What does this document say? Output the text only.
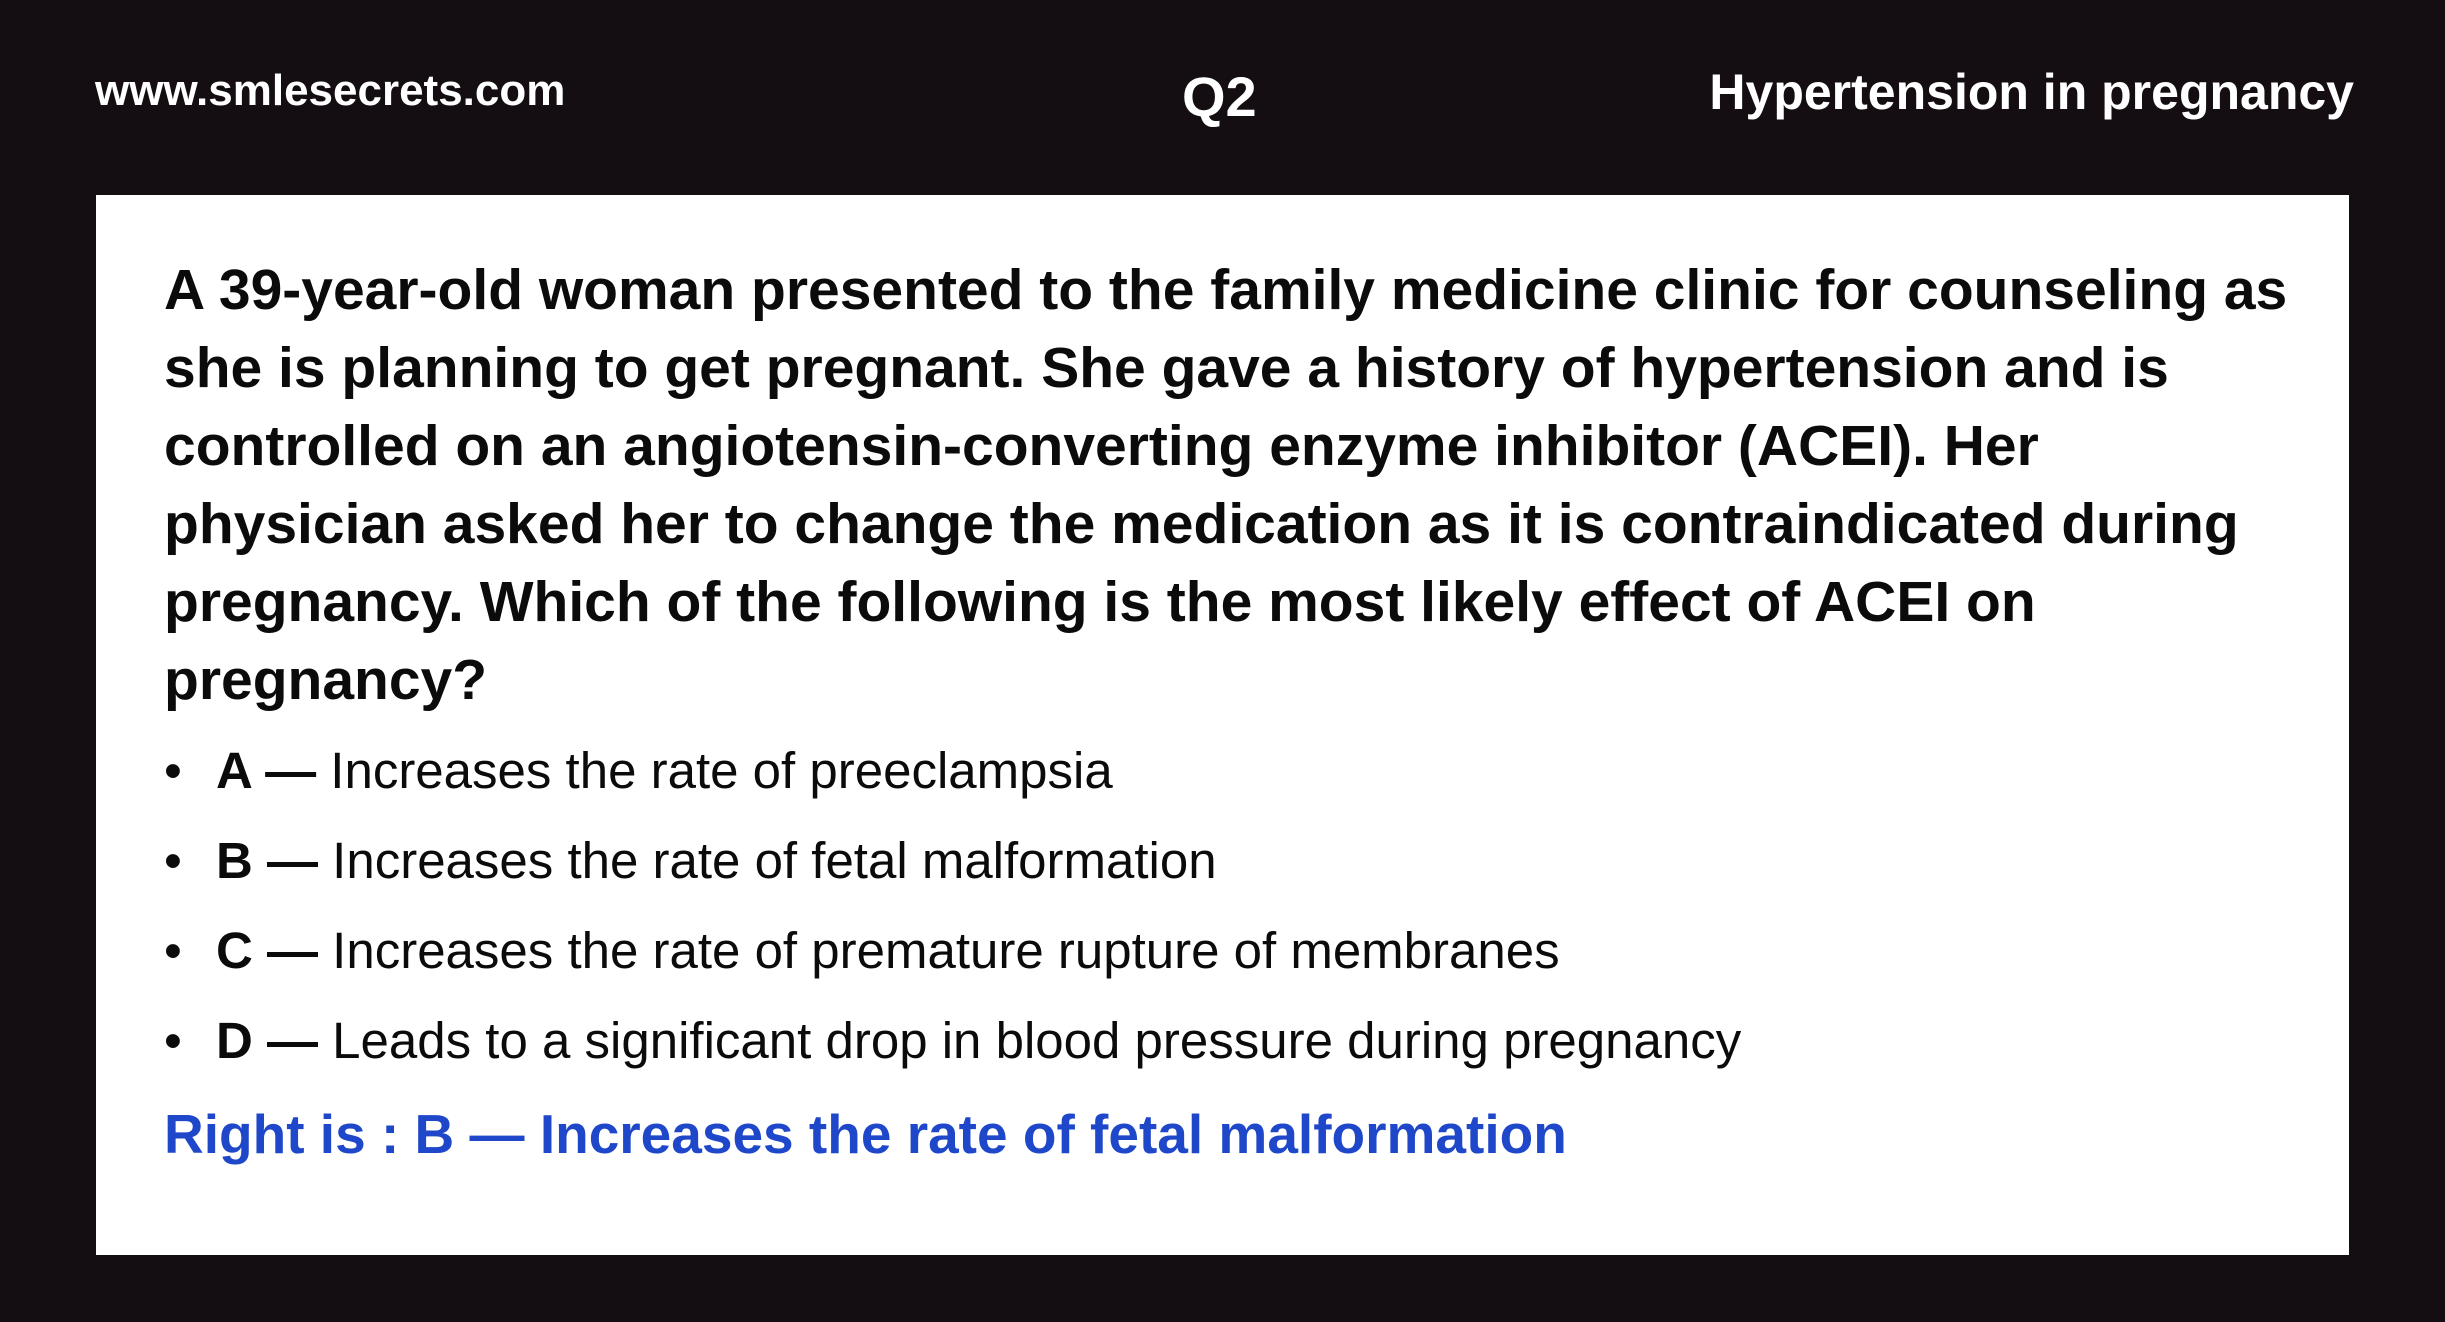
www.smlesecrets.com	Q2	Hypertension in pregnancy

A 39-year-old woman presented to the family medicine clinic for counseling as she is planning to get pregnant. She gave a history of hypertension and is controlled on an angiotensin-converting enzyme inhibitor (ACEI). Her physician asked her to change the medication as it is contraindicated during pregnancy. Which of the following is the most likely effect of ACEI on pregnancy?

• A — Increases the rate of preeclampsia
• B — Increases the rate of fetal malformation
• C — Increases the rate of premature rupture of membranes
• D — Leads to a significant drop in blood pressure during pregnancy
Right is : B — Increases the rate of fetal malformation
